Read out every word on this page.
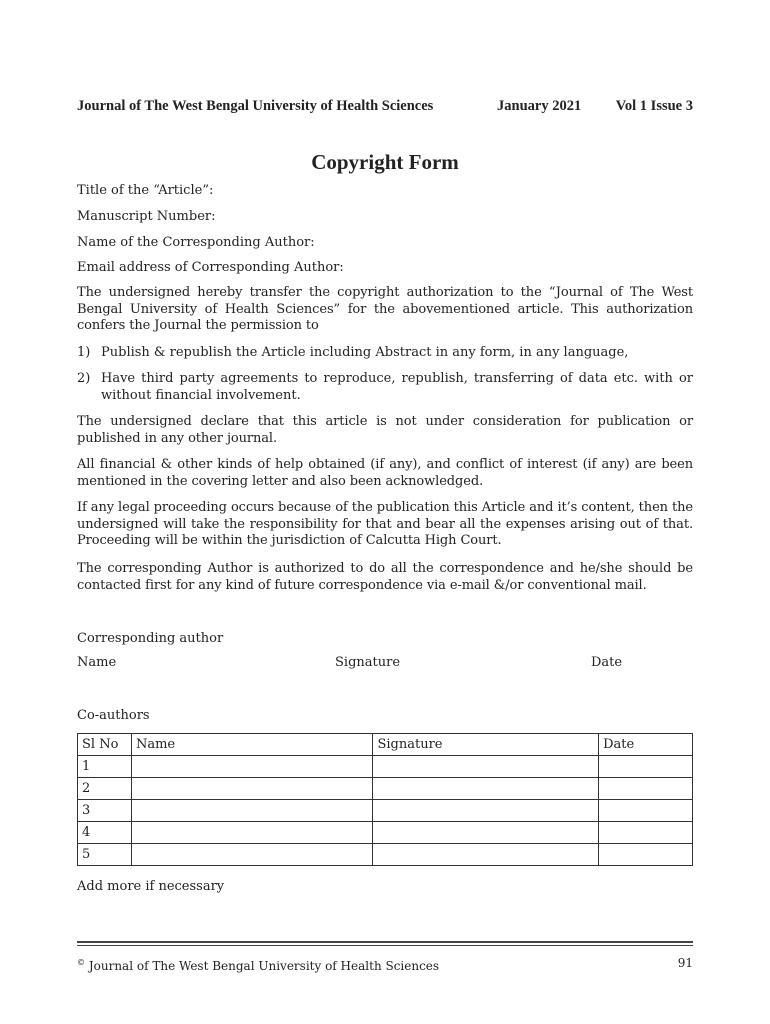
Journal of The West Bengal University of Health Sciences	January 2021 Vol 1 Issue 3
Copyright Form
Title of the “Article”:
Manuscript Number:
Name of the Corresponding Author:
Email address of Corresponding Author:
The undersigned hereby transfer the copyright authorization to the “Journal of The West Bengal University of Health Sciences” for the abovementioned article. This authorization confers the Journal the permission to
1) Publish & republish the Article including Abstract in any form, in any language,
2) Have third party agreements to reproduce, republish, transferring of data etc. with or without financial involvement.
The undersigned declare that this article is not under consideration for publication or published in any other journal.
All financial & other kinds of help obtained (if any), and conflict of interest (if any) are been mentioned in the covering letter and also been acknowledged.
If any legal proceeding occurs because of the publication this Article and it’s content, then the undersigned will take the responsibility for that and bear all the expenses arising out of that. Proceeding will be within the jurisdiction of Calcutta High Court.
The corresponding Author is authorized to do all the correspondence and he/she should be contacted first for any kind of future correspondence via e-mail &/or conventional mail.
Corresponding author
Name	Signature	Date
Co-authors
Sl No	Name	Signature	Date
1			
2			
3			
4			
5			
Add more if necessary
© Journal of The West Bengal University of Health Sciences	91
